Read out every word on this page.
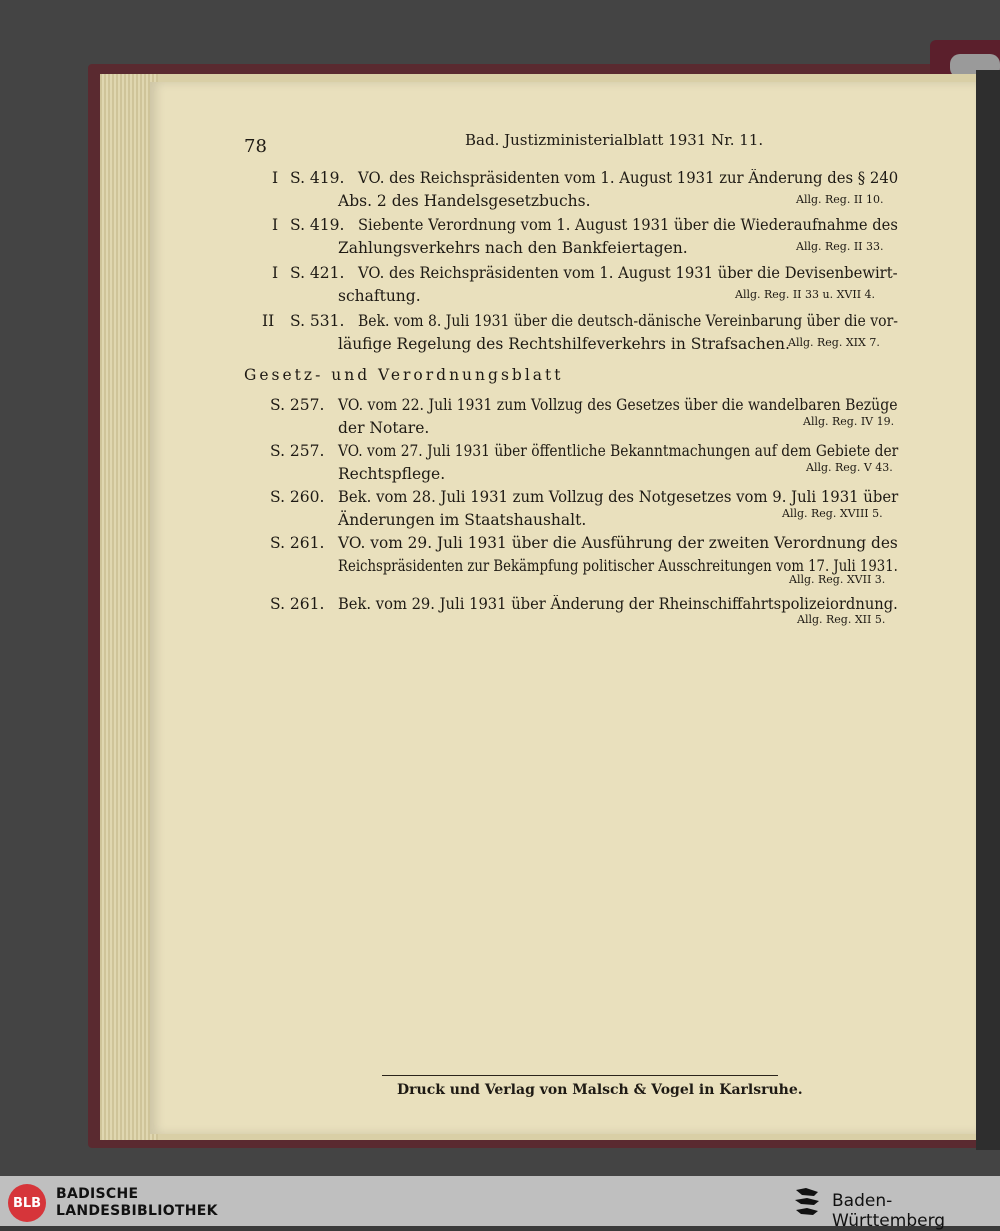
78	Bad. Justizministerialblatt 1931 Nr. 11.
I S. 419. VO. des Reichspräsidenten vom 1. August 1931 zur Änderung des § 240
Abs. 2 des Handelsgesetzbuchs.	Allg. Reg. II 10.
I S. 419. Siebente Verordnung vom 1. August 1931 über die Wiederaufnahme des
Zahlungsverkehrs nach den Bankfeiertagen.	Allg. Reg. II 33.
I S. 421. VO. des Reichspräsidenten vom 1. August 1931 über die Devisenbewirt-
schaftung.	Allg. Reg. II 33 u. XVII 4.
II S. 531. Bek. vom 8. Juli 1931 über die deutsch-dänische Vereinbarung über die vor-
läufige Regelung des Rechtshilfeverkehrs in Strafsachen.
Allg. Reg. XIX 7.
Gesetz- und Verordnungsblatt
S. 257. VO. vom 22. Juli 1931 zum Vollzug des Gesetzes über die wandelbaren Bezüge
der Notare.	Allg. Reg. IV 19.
S. 257. VO. vom 27. Juli 1931 über öffentliche Bekanntmachungen auf dem Gebiete der
Rechtspflege.	Allg. Reg. V 43.
S. 260. Bek. vom 28. Juli 1931 zum Vollzug des Notgesetzes vom 9. Juli 1931 über
Änderungen im Staatshaushalt.	Allg. Reg. XVIII 5.
S. 261. VO. vom 29. Juli 1931 über die Ausführung der zweiten Verordnung des
Reichspräsidenten zur Bekämpfung politischer Ausschreitungen vom 17. Juli 1931.
Allg. Reg. XVII 3.
S. 261. Bek. vom 29. Juli 1931 über Änderung der Rheinschiffahrtspolizeiordnung.
Allg. Reg. XII 5.
Druck und Verlag von Malsch & Vogel in Karlsruhe.
BLB
BADISCHE
LANDESBIBLIOTHEK	Baden-Württemberg
